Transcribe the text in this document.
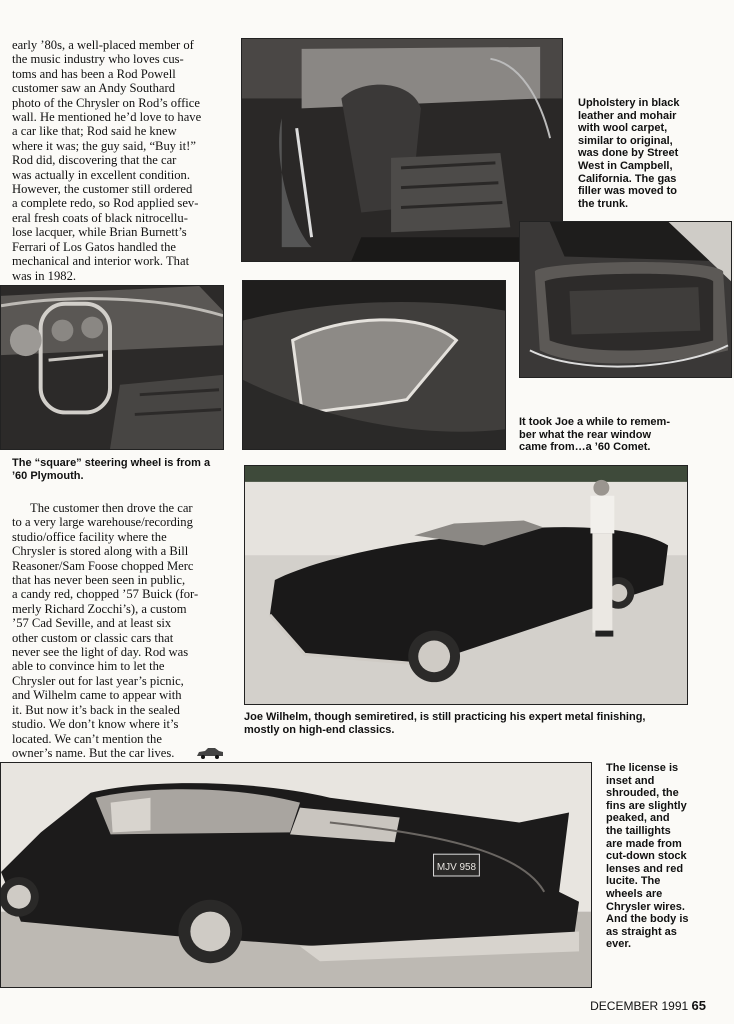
early ’80s, a well-placed member of
the music industry who loves cus-
toms and has been a Rod Powell
customer saw an Andy Southard
photo of the Chrysler on Rod’s office
wall. He mentioned he’d love to have
a car like that; Rod said he knew
where it was; the guy said, “Buy it!”
Rod did, discovering that the car
was actually in excellent condition.
However, the customer still ordered
a complete redo, so Rod applied sev-
eral fresh coats of black nitrocellu-
lose lacquer, while Brian Burnett’s
Ferrari of Los Gatos handled the
mechanical and interior work. That
was in 1982.

Upholstery in black
leather and mohair
with wool carpet,
similar to original,
was done by Street
West in Campbell,
California. The gas
filler was moved to
the trunk.

It took Joe a while to remem-
ber what the rear window
came from…a ’60 Comet.

The “square” steering wheel is from a
’60 Plymouth.

The customer then drove the car
to a very large warehouse/recording
studio/office facility where the
Chrysler is stored along with a Bill
Reasoner/Sam Foose chopped Merc
that has never been seen in public,
a candy red, chopped ’57 Buick (for-
merly Richard Zocchi’s), a custom
’57 Cad Seville, and at least six
other custom or classic cars that
never see the light of day. Rod was
able to convince him to let the
Chrysler out for last year’s picnic,
and Wilhelm came to appear with
it. But now it’s back in the sealed
studio. We don’t know where it’s
located. We can’t mention the
owner’s name. But the car lives.

Joe Wilhelm, though semiretired, is still practicing his expert metal finishing,
mostly on high-end classics.

MJV 958

The license is
inset and
shrouded, the
fins are slightly
peaked, and
the taillights
are made from
cut-down stock
lenses and red
lucite. The
wheels are
Chrysler wires.
And the body is
as straight as
ever.

DECEMBER 1991 65
